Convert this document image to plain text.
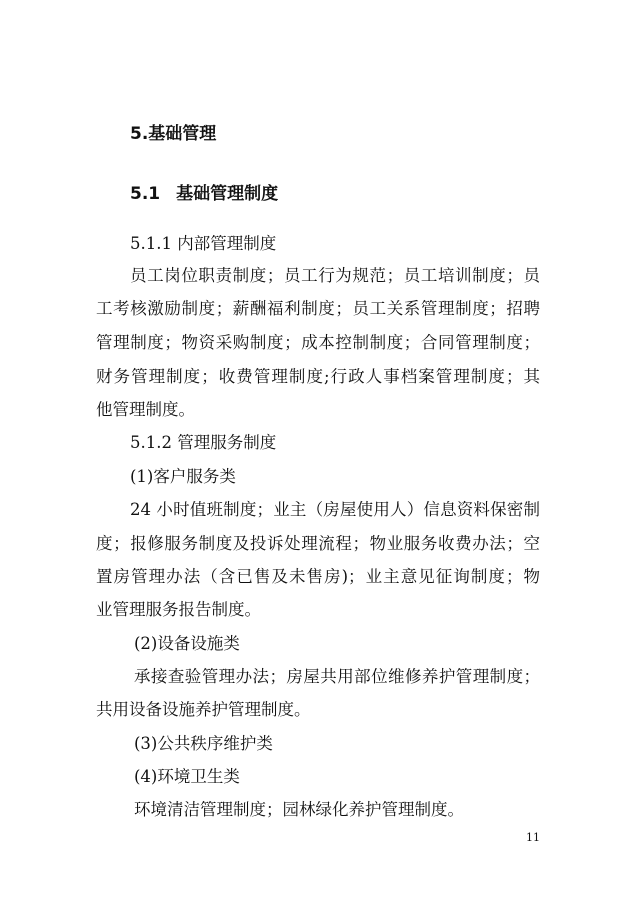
5.基础管理
5.1 基础管理制度
5.1.1 内部管理制度
员工岗位职责制度；员工行为规范；员工培训制度；员
工考核激励制度；薪酬福利制度；员工关系管理制度；招聘
管理制度；物资采购制度；成本控制制度；合同管理制度；
财务管理制度；收费管理制度;行政人事档案管理制度；其
他管理制度。
5.1.2 管理服务制度
(1)客户服务类
24 小时值班制度；业主（房屋使用人）信息资料保密制
度；报修服务制度及投诉处理流程；物业服务收费办法；空
置房管理办法（含已售及未售房)；业主意见征询制度；物
业管理服务报告制度。
(2)设备设施类
承接查验管理办法；房屋共用部位维修养护管理制度；
共用设备设施养护管理制度。
(3)公共秩序维护类
(4)环境卫生类
环境清洁管理制度；园林绿化养护管理制度。
11
